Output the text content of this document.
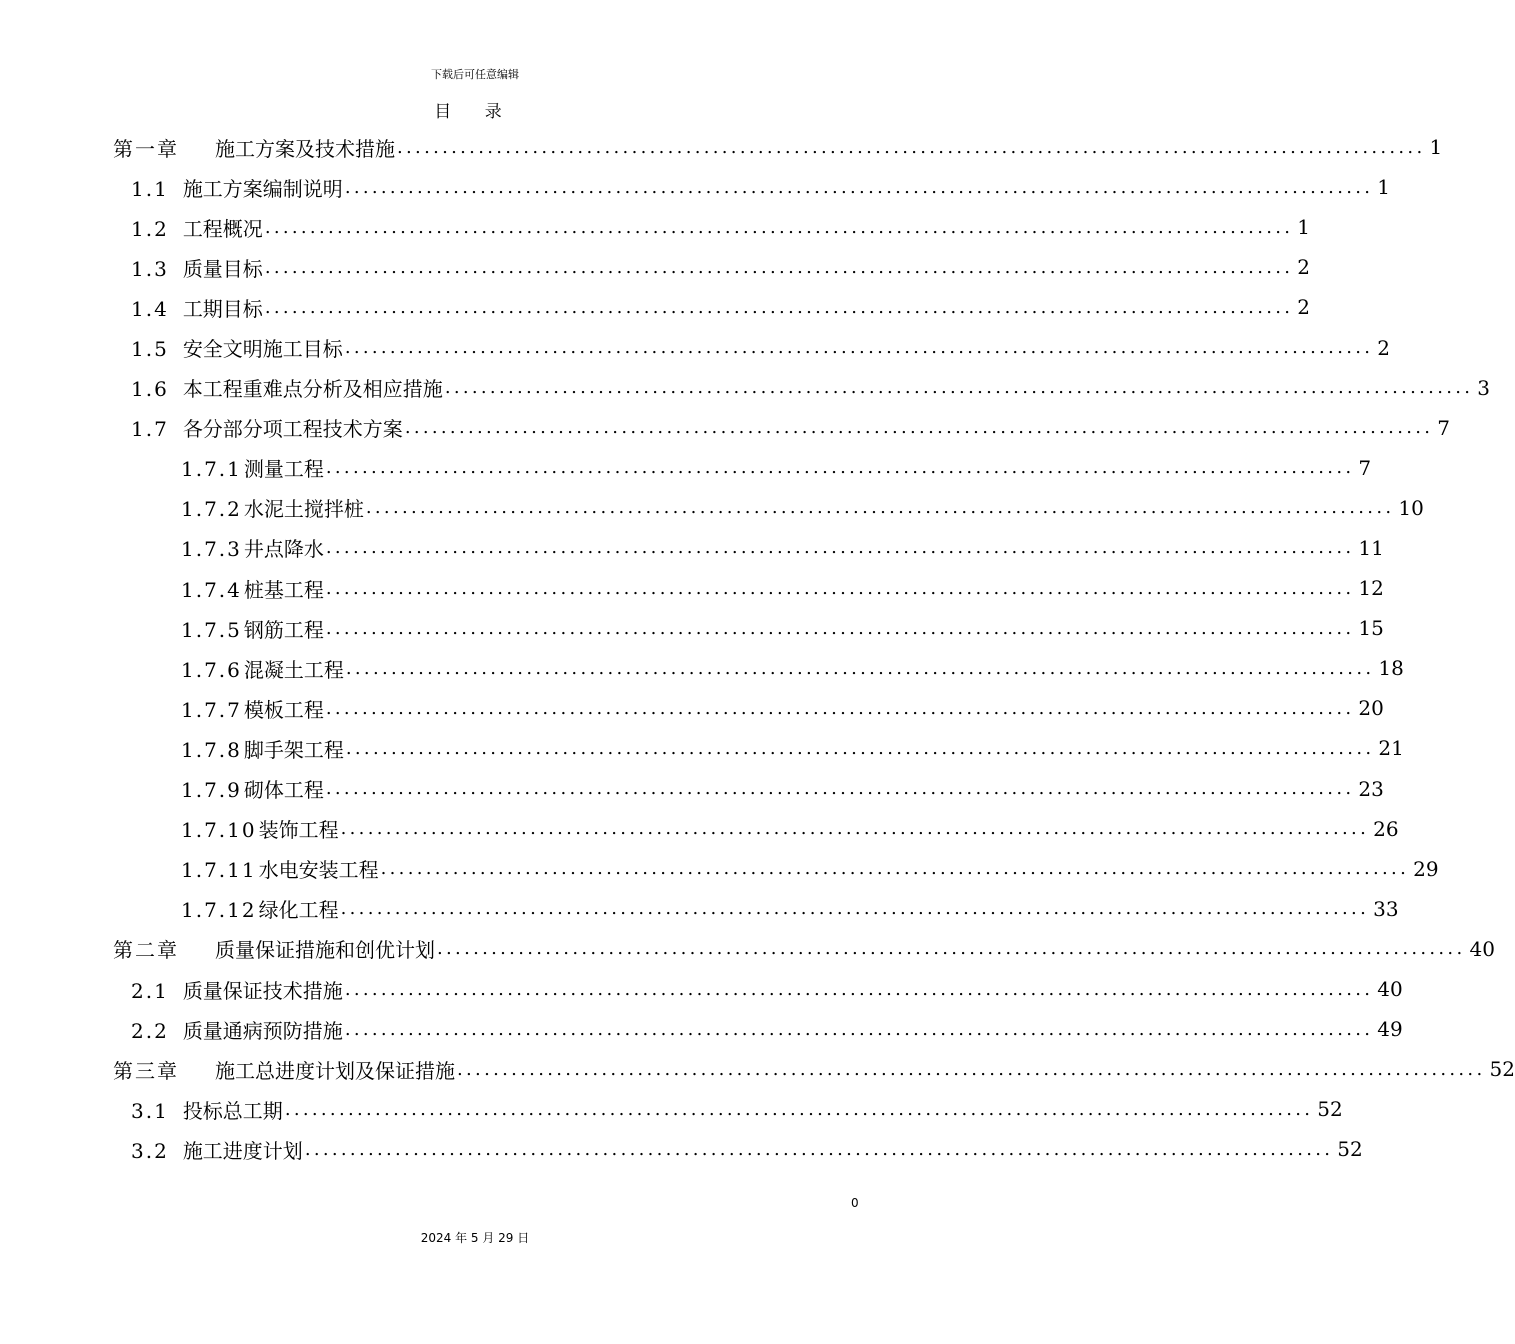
下载后可任意编辑
目 录
第一章 施工方案及技术措施 .................................................................................................................. 1
1.1 施工方案编制说明 .................................................................................................................. 1
1.2 工程概况 .................................................................................................................. 1
1.3 质量目标 .................................................................................................................. 2
1.4 工期目标 .................................................................................................................. 2
1.5 安全文明施工目标 .................................................................................................................. 2
1.6 本工程重难点分析及相应措施 .................................................................................................................. 3
1.7 各分部分项工程技术方案 .................................................................................................................. 7
1.7.1 测量工程 .................................................................................................................. 7
1.7.2 水泥土搅拌桩 .................................................................................................................. 10
1.7.3 井点降水 .................................................................................................................. 11
1.7.4 桩基工程 .................................................................................................................. 12
1.7.5 钢筋工程 .................................................................................................................. 15
1.7.6 混凝土工程 .................................................................................................................. 18
1.7.7 模板工程 .................................................................................................................. 20
1.7.8 脚手架工程 .................................................................................................................. 21
1.7.9 砌体工程 .................................................................................................................. 23
1.7.10 装饰工程 .................................................................................................................. 26
1.7.11 水电安装工程 .................................................................................................................. 29
1.7.12 绿化工程 .................................................................................................................. 33
第二章 质量保证措施和创优计划 .................................................................................................................. 40
2.1 质量保证技术措施 .................................................................................................................. 40
2.2 质量通病预防措施 .................................................................................................................. 49
第三章 施工总进度计划及保证措施 .................................................................................................................. 52
3.1 投标总工期 .................................................................................................................. 52
3.2 施工进度计划 .................................................................................................................. 52
0
2024 年 5 月 29 日
